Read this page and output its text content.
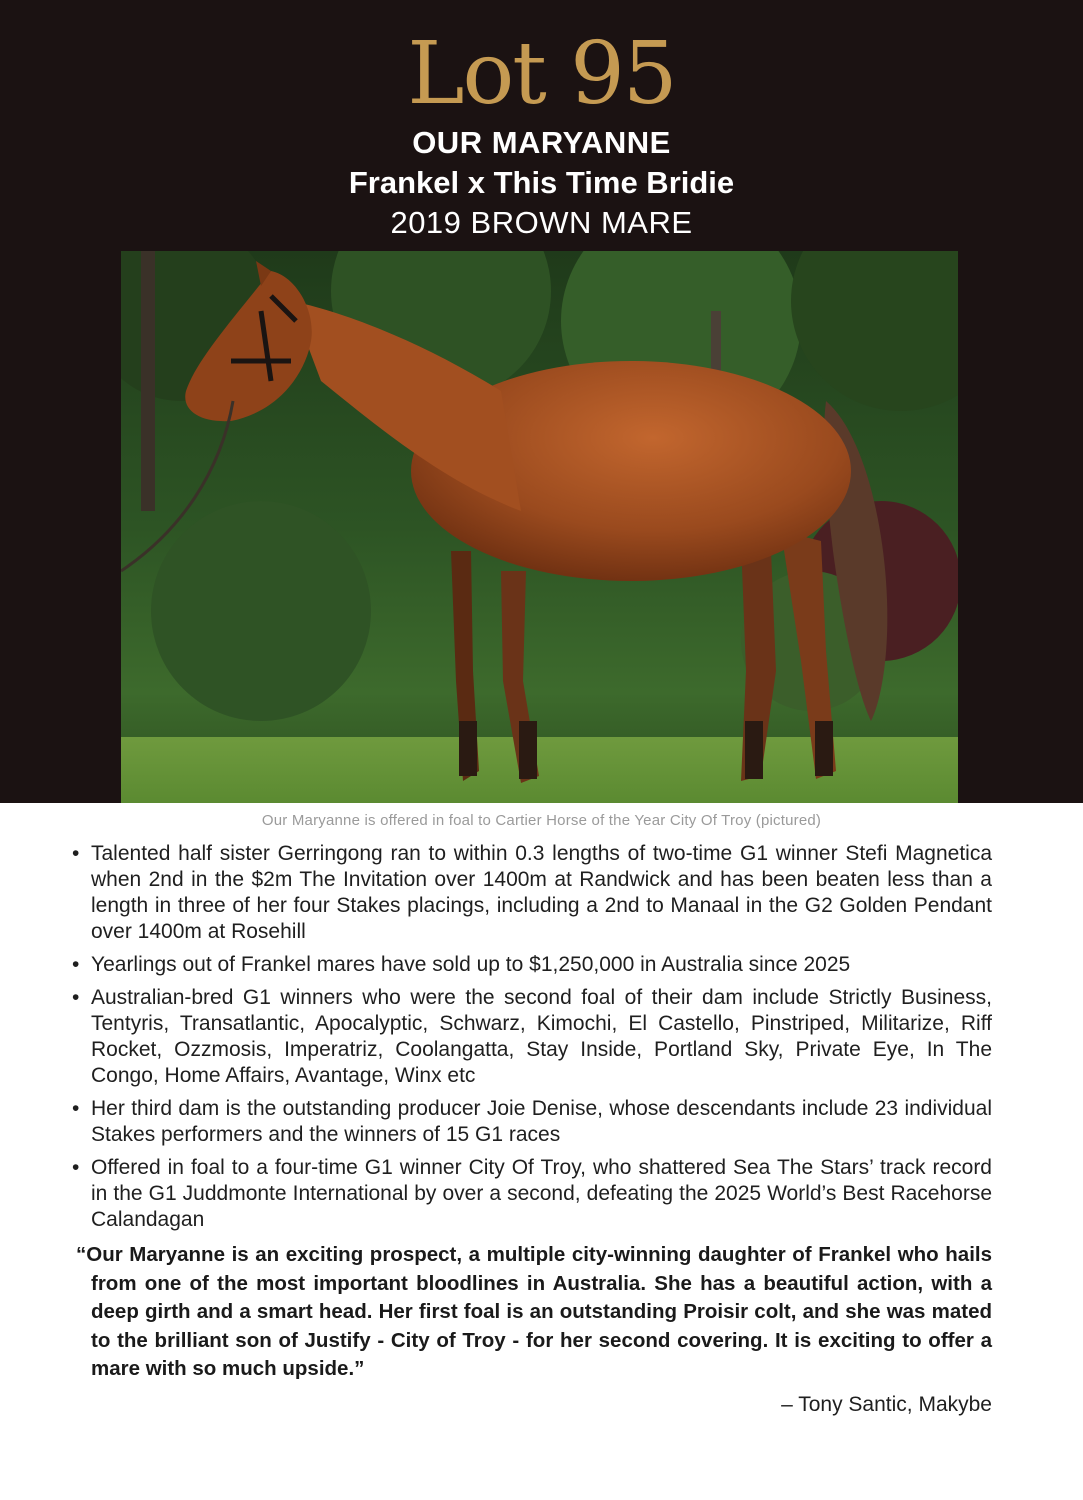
Lot 95
OUR MARYANNE
Frankel x This Time Bridie
2019 BROWN MARE
Our Maryanne is offered in foal to Cartier Horse of the Year City Of Troy (pictured)
• Talented half sister Gerringong ran to within 0.3 lengths of two-time G1 winner Stefi Magnetica when 2nd in the $2m The Invitation over 1400m at Randwick and has been beaten less than a length in three of her four Stakes placings, including a 2nd to Manaal in the G2 Golden Pendant over 1400m at Rosehill
• Yearlings out of Frankel mares have sold up to $1,250,000 in Australia since 2025
• Australian-bred G1 winners who were the second foal of their dam include Strictly Business, Tentyris, Transatlantic, Apocalyptic, Schwarz, Kimochi, El Castello, Pinstriped, Militarize, Riff Rocket, Ozzmosis, Imperatriz, Coolangatta, Stay Inside, Portland Sky, Private Eye, In The Congo, Home Affairs, Avantage, Winx etc
• Her third dam is the outstanding producer Joie Denise, whose descendants include 23 individual Stakes performers and the winners of 15 G1 races
• Offered in foal to a four-time G1 winner City Of Troy, who shattered Sea The Stars’ track record in the G1 Juddmonte International by over a second, defeating the 2025 World’s Best Racehorse Calandagan
“Our Maryanne is an exciting prospect, a multiple city-winning daughter of Frankel who hails from one of the most important bloodlines in Australia. She has a beautiful action, with a deep girth and a smart head. Her first foal is an outstanding Proisir colt, and she was mated to the brilliant son of Justify - City of Troy - for her second covering. It is exciting to offer a mare with so much upside.”
– Tony Santic, Makybe
